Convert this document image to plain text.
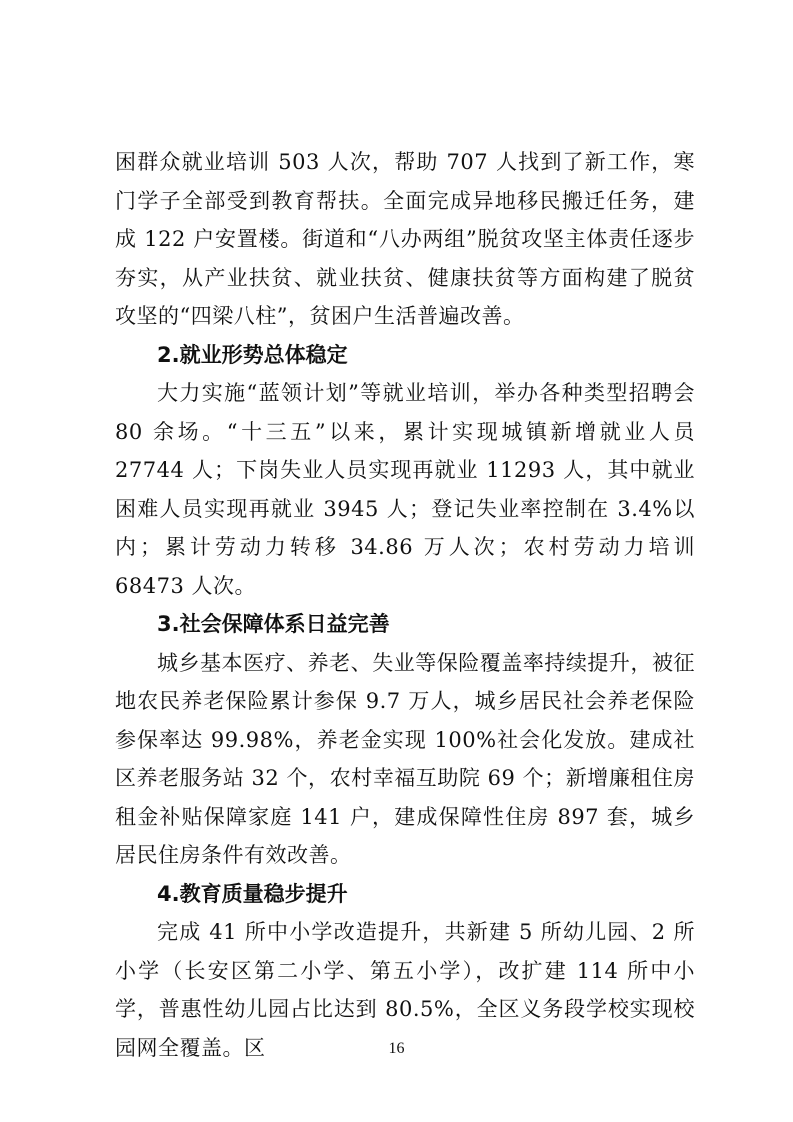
困群众就业培训 503 人次，帮助 707 人找到了新工作，寒门学子全部受到教育帮扶。全面完成异地移民搬迁任务，建成 122 户安置楼。街道和“八办两组”脱贫攻坚主体责任逐步夯实，从产业扶贫、就业扶贫、健康扶贫等方面构建了脱贫攻坚的“四梁八柱”，贫困户生活普遍改善。

2.就业形势总体稳定

大力实施“蓝领计划”等就业培训，举办各种类型招聘会 80 余场。“十三五”以来，累计实现城镇新增就业人员 27744 人；下岗失业人员实现再就业 11293 人，其中就业困难人员实现再就业 3945 人；登记失业率控制在 3.4%以内；累计劳动力转移 34.86 万人次；农村劳动力培训 68473 人次。

3.社会保障体系日益完善

城乡基本医疗、养老、失业等保险覆盖率持续提升，被征地农民养老保险累计参保 9.7 万人，城乡居民社会养老保险参保率达 99.98%，养老金实现 100%社会化发放。建成社区养老服务站 32 个，农村幸福互助院 69 个；新增廉租住房租金补贴保障家庭 141 户，建成保障性住房 897 套，城乡居民住房条件有效改善。

4.教育质量稳步提升

完成 41 所中小学改造提升，共新建 5 所幼儿园、2 所小学（长安区第二小学、第五小学），改扩建 114 所中小学，普惠性幼儿园占比达到 80.5%，全区义务段学校实现校园网全覆盖。区	16
